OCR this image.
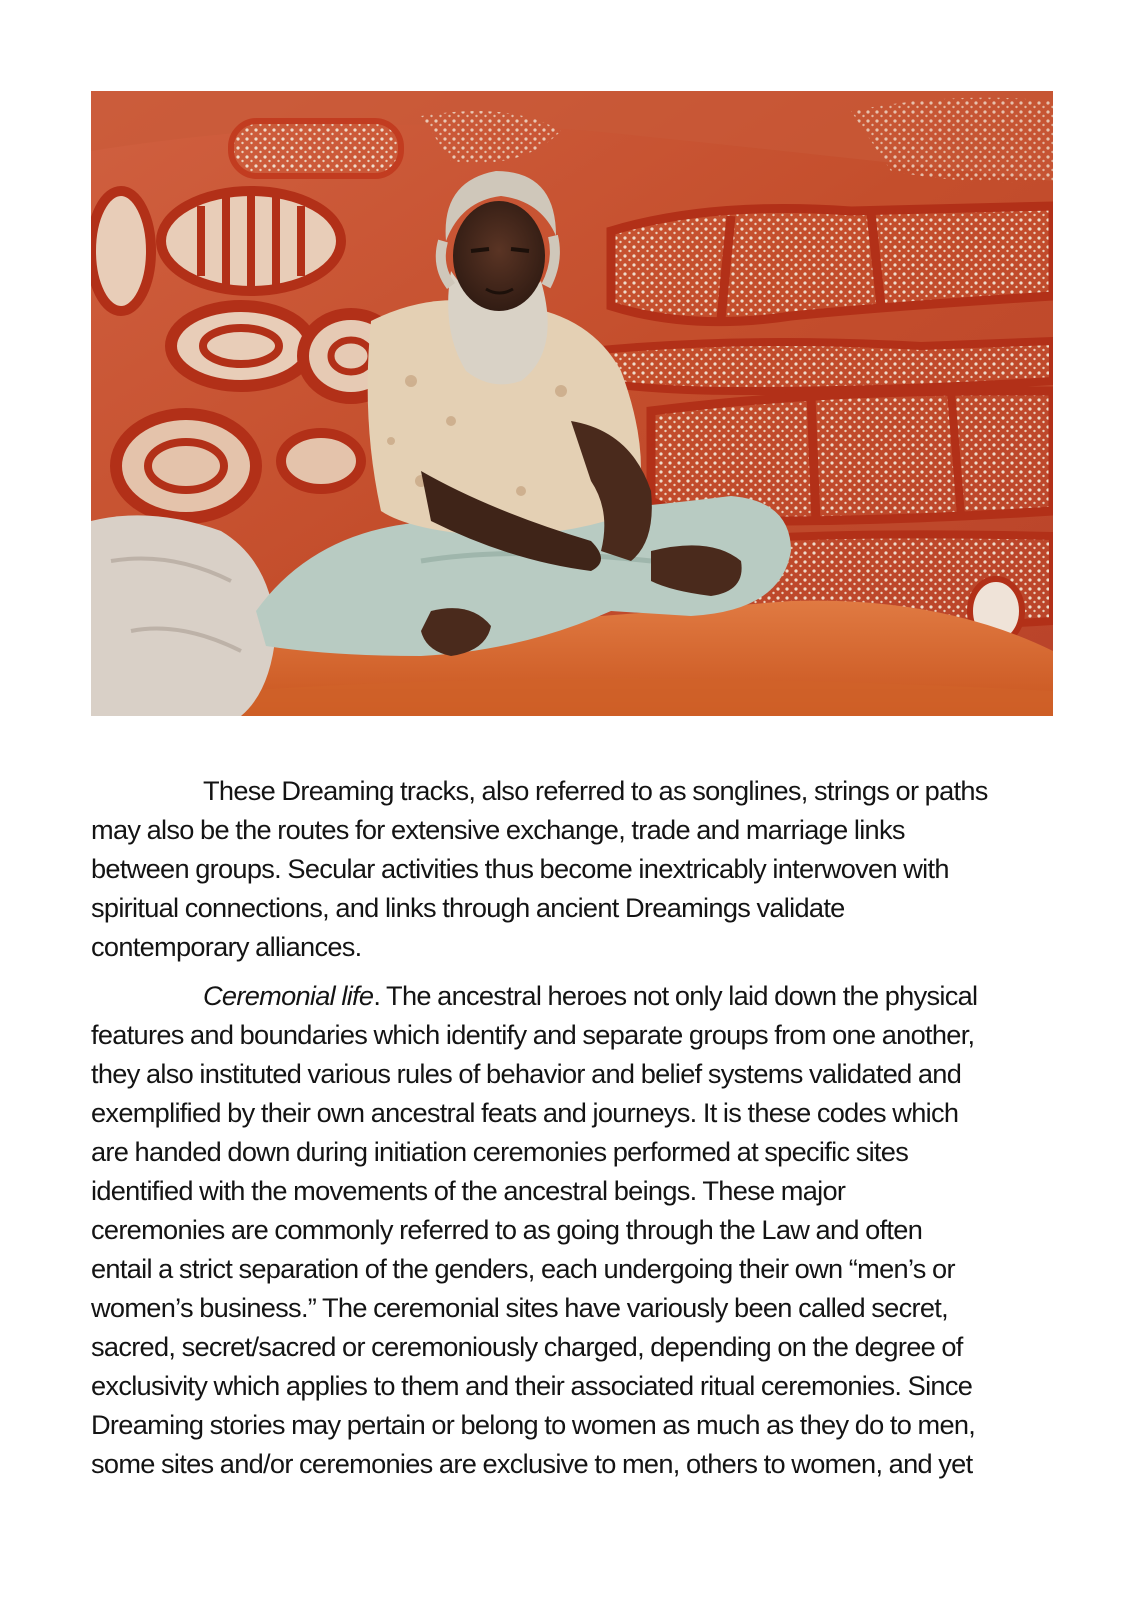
These Dreaming tracks, also referred to as songlines, strings or paths
may also be the routes for extensive exchange, trade and marriage links
between groups. Secular activities thus become inextricably interwoven with
spiritual connections, and links through ancient Dreamings validate
contemporary alliances.

Ceremonial life. The ancestral heroes not only laid down the physical
features and boundaries which identify and separate groups from one another,
they also instituted various rules of behavior and belief systems validated and
exemplified by their own ancestral feats and journeys. It is these codes which
are handed down during initiation ceremonies performed at specific sites
identified with the movements of the ancestral beings. These major
ceremonies are commonly referred to as going through the Law and often
entail a strict separation of the genders, each undergoing their own “men’s or
women’s business.” The ceremonial sites have variously been called secret,
sacred, secret/sacred or ceremoniously charged, depending on the degree of
exclusivity which applies to them and their associated ritual ceremonies. Since
Dreaming stories may pertain or belong to women as much as they do to men,
some sites and/or ceremonies are exclusive to men, others to women, and yet
